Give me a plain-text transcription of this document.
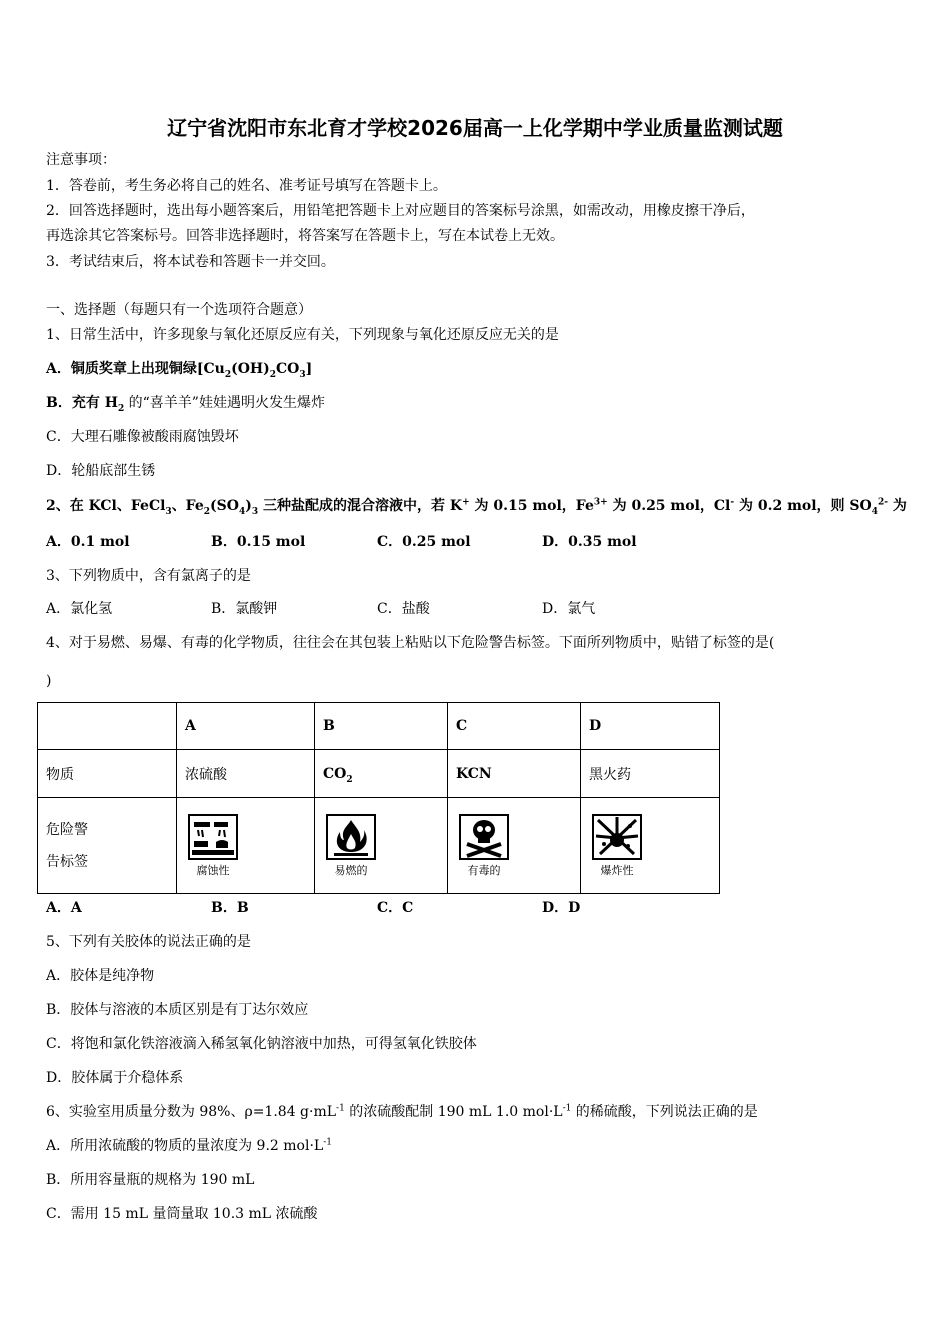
辽宁省沈阳市东北育才学校2026届高一上化学期中学业质量监测试题
注意事项：
1．答卷前，考生务必将自己的姓名、准考证号填写在答题卡上。
2．回答选择题时，选出每小题答案后，用铅笔把答题卡上对应题目的答案标号涂黑，如需改动，用橡皮擦干净后，
再选涂其它答案标号。回答非选择题时，将答案写在答题卡上，写在本试卷上无效。
3．考试结束后，将本试卷和答题卡一并交回。
一、选择题（每题只有一个选项符合题意）
1、日常生活中，许多现象与氧化还原反应有关，下列现象与氧化还原反应无关的是
A．铜质奖章上出现铜绿$[Cu_2(OH)_2CO_3]$
B．充有 $H_2$ 的“喜羊羊”娃娃遇明火发生爆炸
C．大理石雕像被酸雨腐蚀毁坏
D．轮船底部生锈
2、在 KCl、FeCl$_3$、$Fe_2(SO_4)_3$ 三种盐配成的混合溶液中，若 K+ 为 0.15 mol，$Fe^{3+}$ 为 0.25 mol，Cl- 为 0.2 mol，则 $SO_4^{2-}$ 为
A．0.1 mol	B．0.15 mol	C．0.25 mol	D．0.35 mol
3、下列物质中，含有氯离子的是
A．氯化氢	B．氯酸钾	C．盐酸	D．氯气
4、对于易燃、易爆、有毒的化学物质，往往会在其包装上粘贴以下危险警告标签。下面所列物质中，贴错了标签的是(
)
	A	B	C	D
物质	浓硫酸	$CO_2$	KCN	黑火药

危险警
告标签	腐蚀性	易燃的	有毒的	爆炸性
A．A	B．B	C．C	D．D
5、下列有关胶体的说法正确的是
A．胶体是纯净物
B．胶体与溶液的本质区别是有丁达尔效应
C．将饱和氯化铁溶液滴入稀氢氧化钠溶液中加热，可得氢氧化铁胶体
D．胶体属于介稳体系
6、实验室用质量分数为 98%、ρ=1.84 $g\cdot mL^{-1}$ 的浓硫酸配制 190 mL 1.0 $mol\cdot L^{-1}$ 的稀硫酸，下列说法正确的是
A．所用浓硫酸的物质的量浓度为 9.2 $mol\cdot L^{-1}$
B．所用容量瓶的规格为 190 mL
C．需用 15 mL 量筒量取 10.3 mL 浓硫酸
